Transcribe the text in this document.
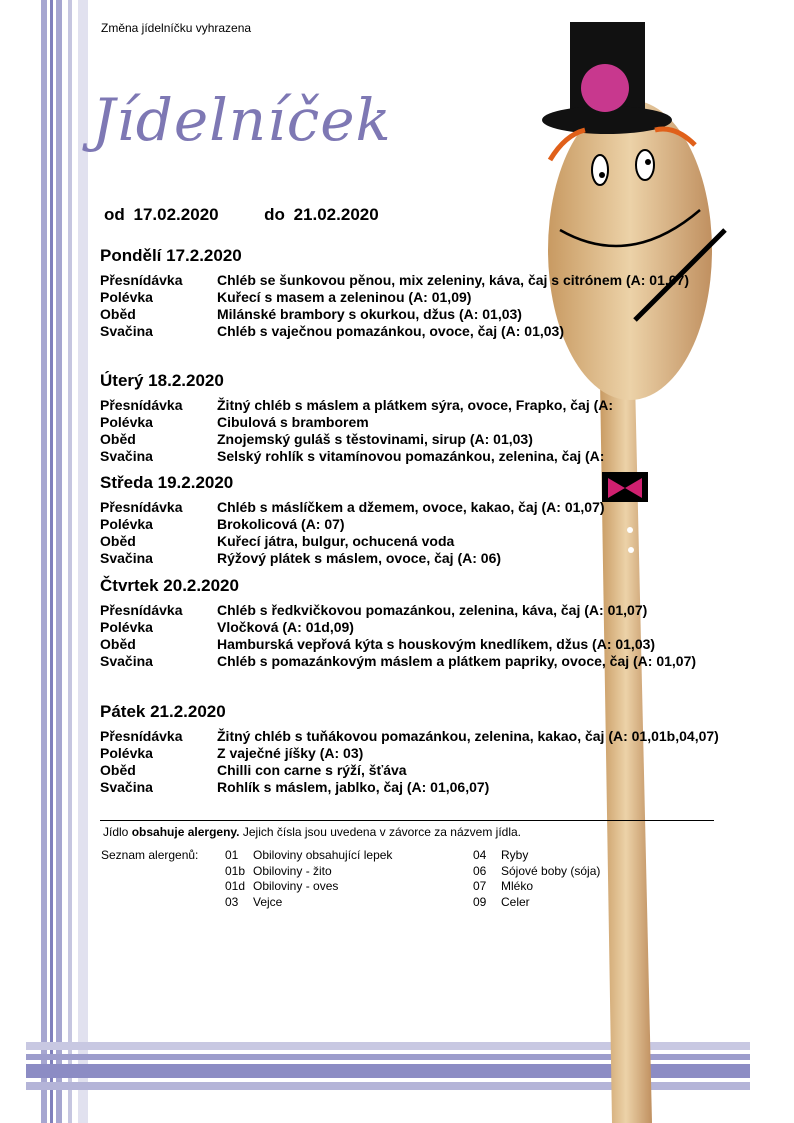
Změna jídelníčku vyhrazena
Jídelníček
od 17.02.2020	do 21.02.2020
Pondělí 17.2.2020
Přesnídávka	Chléb se šunkovou pěnou, mix zeleniny, káva, čaj s citrónem (A: 01,07)
Polévka	Kuřecí s masem a zeleninou (A: 01,09)
Oběd	Milánské brambory s okurkou, džus (A: 01,03)
Svačina	Chléb s vaječnou pomazánkou, ovoce, čaj (A: 01,03)
Úterý 18.2.2020
Přesnídávka	Žitný chléb s máslem a plátkem sýra, ovoce, Frapko, čaj (A:
Polévka	Cibulová s bramborem
Oběd	Znojemský guláš s těstovinami, sirup (A: 01,03)
Svačina	Selský rohlík s vitamínovou pomazánkou, zelenina, čaj (A:
Středa 19.2.2020
Přesnídávka	Chléb s máslíčkem a džemem, ovoce, kakao, čaj (A: 01,07)
Polévka	Brokolicová (A: 07)
Oběd	Kuřecí játra, bulgur, ochucená voda
Svačina	Rýžový plátek s máslem, ovoce, čaj (A: 06)
Čtvrtek 20.2.2020
Přesnídávka	Chléb s ředkvičkovou pomazánkou, zelenina, káva, čaj (A: 01,07)
Polévka	Vločková (A: 01d,09)
Oběd	Hamburská vepřová kýta s houskovým knedlíkem, džus (A: 01,03)
Svačina	Chléb s pomazánkovým máslem a plátkem papriky, ovoce, čaj (A: 01,07)
Pátek 21.2.2020
Přesnídávka	Žitný chléb s tuňákovou pomazánkou, zelenina, kakao, čaj (A: 01,01b,04,07)
Polévka	Z vaječné jíšky (A: 03)
Oběd	Chilli con carne s rýží, šťáva
Svačina	Rohlík s máslem, jablko, čaj (A: 01,06,07)
Jídlo obsahuje alergeny. Jejich čísla jsou uvedena v závorce za názvem jídla.
Seznam alergenů: 01	Obiloviny obsahující lepek
01b Obiloviny - žito
01d Obiloviny - oves
03	Vejce
04	Ryby
06	Sójové boby (sója)
07	Mléko
09	Celer
